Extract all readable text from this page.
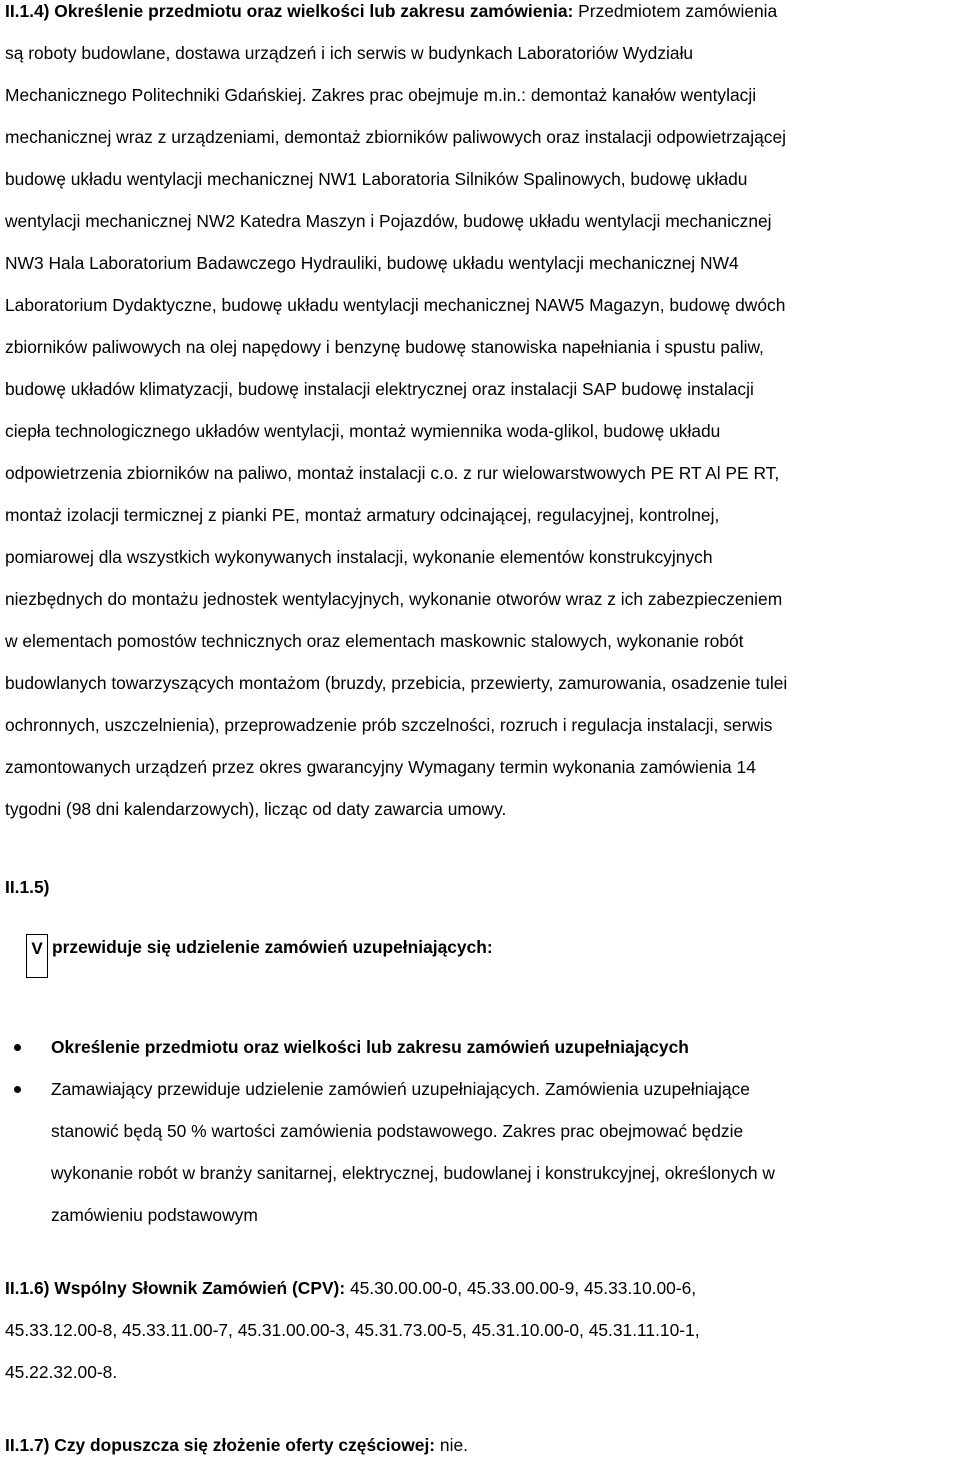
II.1.4) Określenie przedmiotu oraz wielkości lub zakresu zamówienia: Przedmiotem zamówienia
są roboty budowlane, dostawa urządzeń i ich serwis w budynkach Laboratoriów Wydziału
Mechanicznego Politechniki Gdańskiej. Zakres prac obejmuje m.in.: demontaż kanałów wentylacji
mechanicznej wraz z urządzeniami, demontaż zbiorników paliwowych oraz instalacji odpowietrzającej
budowę układu wentylacji mechanicznej NW1 Laboratoria Silników Spalinowych, budowę układu
wentylacji mechanicznej NW2 Katedra Maszyn i Pojazdów, budowę układu wentylacji mechanicznej
NW3 Hala Laboratorium Badawczego Hydrauliki, budowę układu wentylacji mechanicznej NW4
Laboratorium Dydaktyczne, budowę układu wentylacji mechanicznej NAW5 Magazyn, budowę dwóch
zbiorników paliwowych na olej napędowy i benzynę budowę stanowiska napełniania i spustu paliw,
budowę układów klimatyzacji, budowę instalacji elektrycznej oraz instalacji SAP budowę instalacji
ciepła technologicznego układów wentylacji, montaż wymiennika woda-glikol, budowę układu
odpowietrzenia zbiorników na paliwo, montaż instalacji c.o. z rur wielowarstwowych PE RT Al PE RT,
montaż izolacji termicznej z pianki PE, montaż armatury odcinającej, regulacyjnej, kontrolnej,
pomiarowej dla wszystkich wykonywanych instalacji, wykonanie elementów konstrukcyjnych
niezbędnych do montażu jednostek wentylacyjnych, wykonanie otworów wraz z ich zabezpieczeniem
w elementach pomostów technicznych oraz elementach maskownic stalowych, wykonanie robót
budowlanych towarzyszących montażom (bruzdy, przebicia, przewierty, zamurowania, osadzenie tulei
ochronnych, uszczelnienia), przeprowadzenie prób szczelności, rozruch i regulacja instalacji, serwis
zamontowanych urządzeń przez okres gwarancyjny Wymagany termin wykonania zamówienia 14
tygodni (98 dni kalendarzowych), licząc od daty zawarcia umowy.
II.1.5)
V przewiduje się udzielenie zamówień uzupełniających:
Określenie przedmiotu oraz wielkości lub zakresu zamówień uzupełniających
Zamawiający przewiduje udzielenie zamówień uzupełniających. Zamówienia uzupełniające
stanowić będą 50 % wartości zamówienia podstawowego. Zakres prac obejmować będzie
wykonanie robót w branży sanitarnej, elektrycznej, budowlanej i konstrukcyjnej, określonych w
zamówieniu podstawowym
II.1.6) Wspólny Słownik Zamówień (CPV): 45.30.00.00-0, 45.33.00.00-9, 45.33.10.00-6,
45.33.12.00-8, 45.33.11.00-7, 45.31.00.00-3, 45.31.73.00-5, 45.31.10.00-0, 45.31.11.10-1,
45.22.32.00-8.
II.1.7) Czy dopuszcza się złożenie oferty częściowej: nie.
